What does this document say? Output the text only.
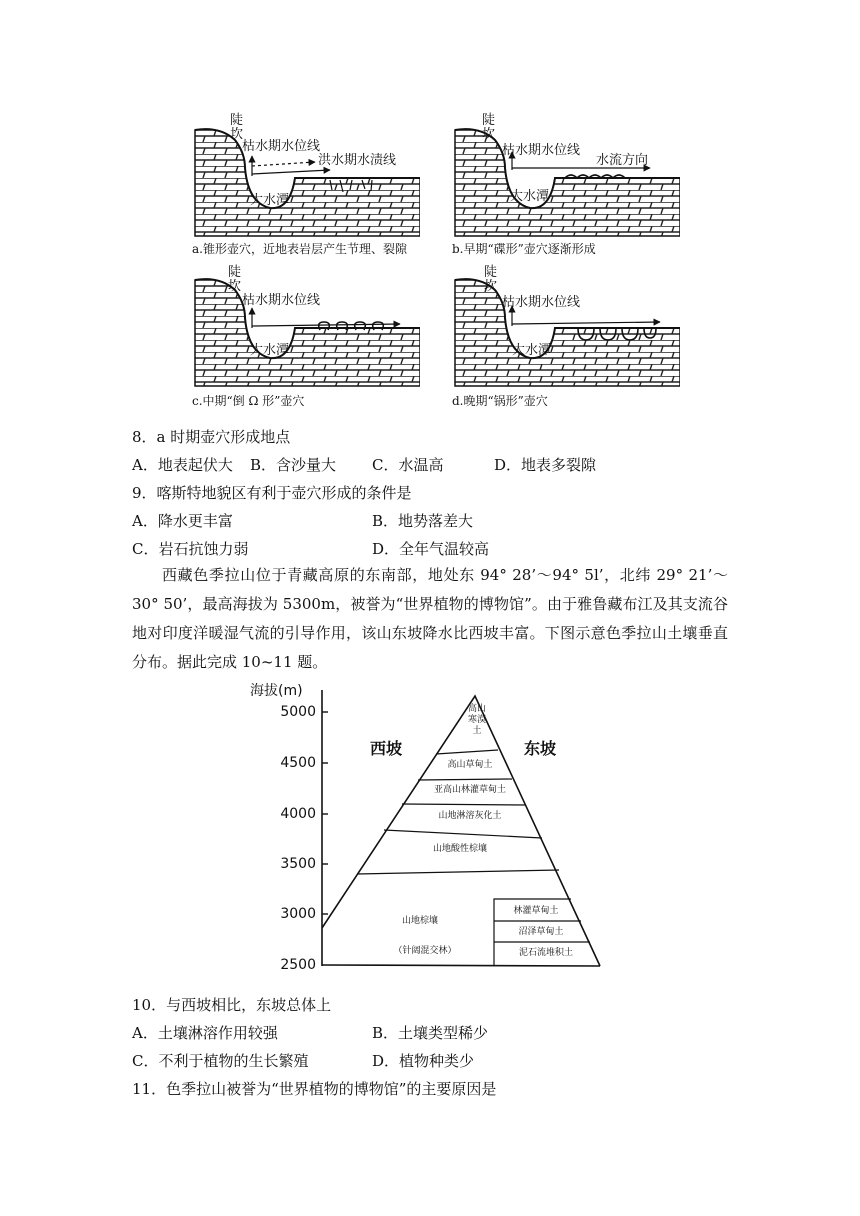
陡坎
枯水期水位线
洪水期水渍线
大水潭
a.锥形壶穴，近地表岩层产生节理、裂隙
陡坎
枯水期水位线
水流方向
大水潭
b.早期“碟形”壶穴逐渐形成
陡坎
枯水期水位线
大水潭
c.中期“倒 Ω 形”壶穴
陡坎
枯水期水位线
大水潭
d.晚期“锅形”壶穴
8．a 时期壶穴形成地点
A．地表起伏大 B．含沙量大 C．水温高	D．地表多裂隙
9．喀斯特地貌区有利于壶穴形成的条件是
A．降水更丰富	B．地势落差大
C．岩石抗蚀力弱	D．全年气温较高
西藏色季拉山位于青藏高原的东南部，地处东 94° 28’～94° 5l’，北纬 29° 21’～30° 50’，最高海拔为 5300m，被誉为“世界植物的博物馆”。由于雅鲁藏布江及其支流谷地对印度洋暖湿气流的引导作用，该山东坡降水比西坡丰富。下图示意色季拉山土壤垂直分布。据此完成 10~11 题。
海拔(m)
5000
4500
4000
3500
3000
2500
西坡	东坡
高山寒漠土
高山草甸土
亚高山林灌草甸土
山地淋溶灰化土
山地酸性棕壤
山地棕壤
（针阔混交林）
林灌草甸土
沼泽草甸土
泥石流堆积土
10．与西坡相比，东坡总体上
A．土壤淋溶作用较强	B．土壤类型稀少
C．不利于植物的生长繁殖	D．植物种类少
11．色季拉山被誉为“世界植物的博物馆”的主要原因是
